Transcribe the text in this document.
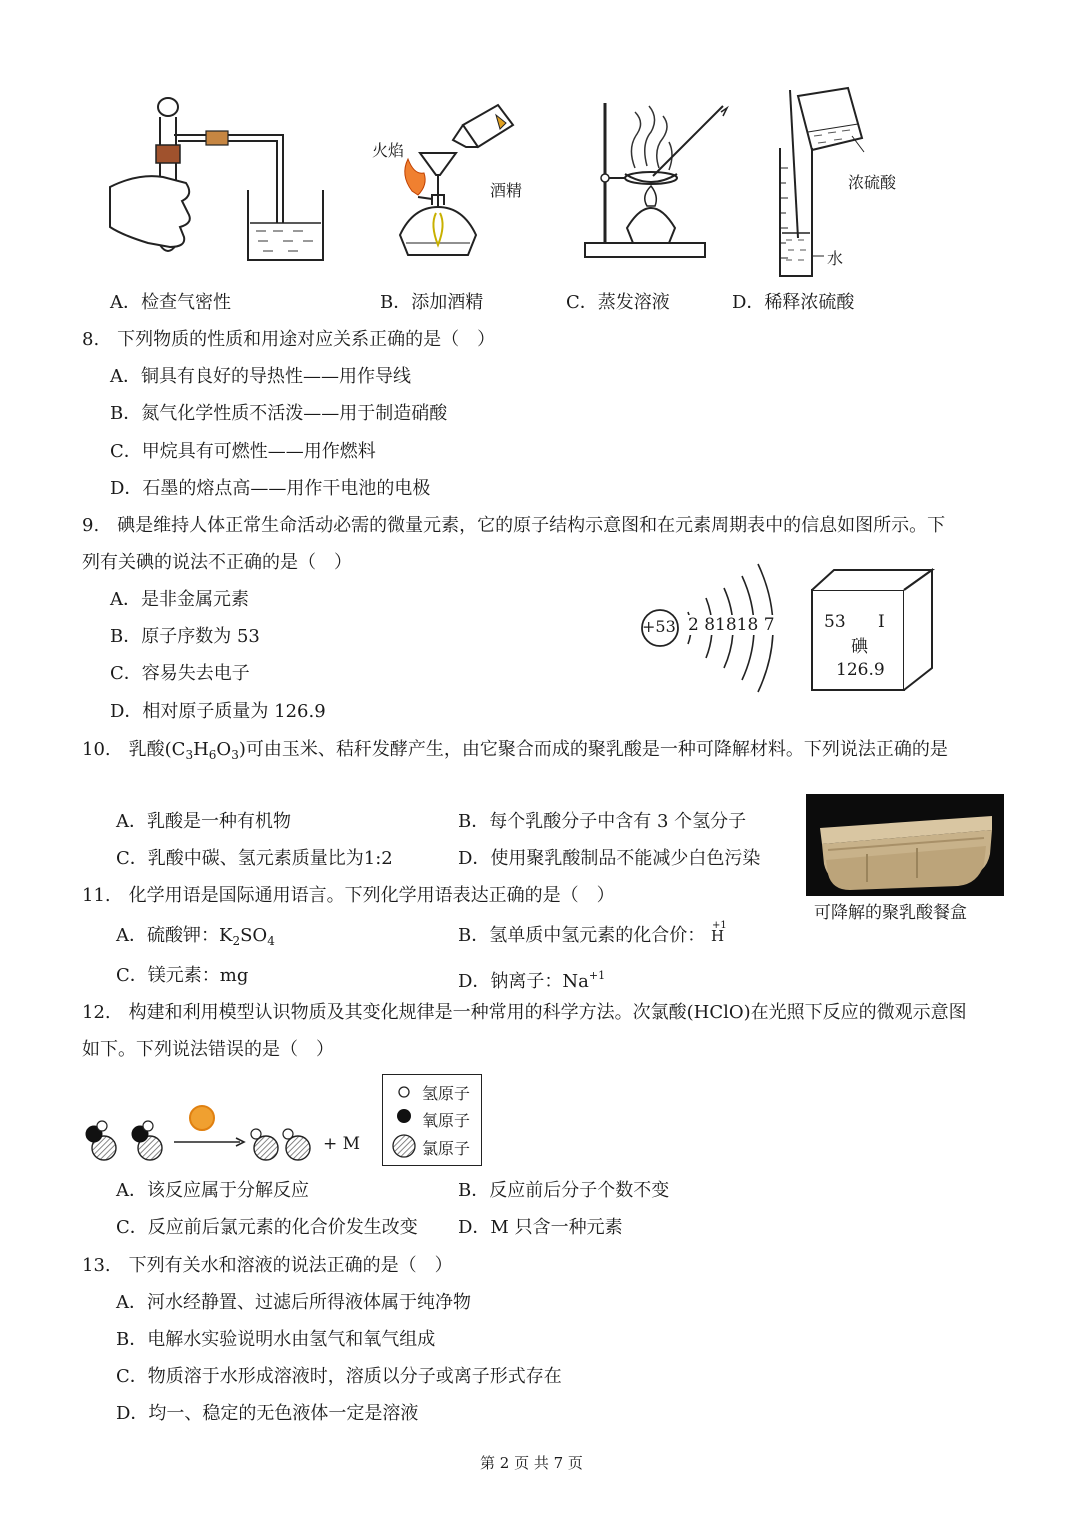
火焰
酒精	浓硫酸
水
A．检查气密性	B．添加酒精	C．蒸发溶液	D．稀释浓硫酸
8.　下列物质的性质和用途对应关系正确的是（　）
A．铜具有良好的导热性——用作导线
B．氮气化学性质不活泼——用于制造硝酸
C．甲烷具有可燃性——用作燃料
D．石墨的熔点高——用作干电池的电极
9.　碘是维持人体正常生命活动必需的微量元素，它的原子结构示意图和在元素周期表中的信息如图所示。下
列有关碘的说法不正确的是（　）
A．是非金属元素
B．原子序数为 53
C．容易失去电子
D．相对原子质量为 126.9
+53 2 81818 7	53 I
碘
126.9
10.　乳酸$(C_3H_6O_3)$可由玉米、秸秆发酵产生，由它聚合而成的聚乳酸是一种可降解材料。下列说法正确的是
A．乳酸是一种有机物	B．每个乳酸分子中含有 3 个氢分子
C．乳酸中碳、氢元素质量比为1:2	D．使用聚乳酸制品不能减少白色污染
可降解的聚乳酸餐盒
11.　化学用语是国际通用语言。下列化学用语表达正确的是（　）
A．硫酸钾：$K_2SO_4$	B．氢单质中氢元素的化合价： +1
H
C．镁元素：mg	D．钠离子：$Na^{+1}$
12.　构建和利用模型认识物质及其变化规律是一种常用的科学方法。次氯酸(HClO)在光照下反应的微观示意图
如下。下列说法错误的是（　）
+ M
氢原子
氧原子
氯原子
A．该反应属于分解反应	B．反应前后分子个数不变
C．反应前后氯元素的化合价发生改变 D．M 只含一种元素
13.　下列有关水和溶液的说法正确的是（　）
A．河水经静置、过滤后所得液体属于纯净物
B．电解水实验说明水由氢气和氧气组成
C．物质溶于水形成溶液时，溶质以分子或离子形式存在
D．均一、稳定的无色液体一定是溶液
第 2 页 共 7 页
